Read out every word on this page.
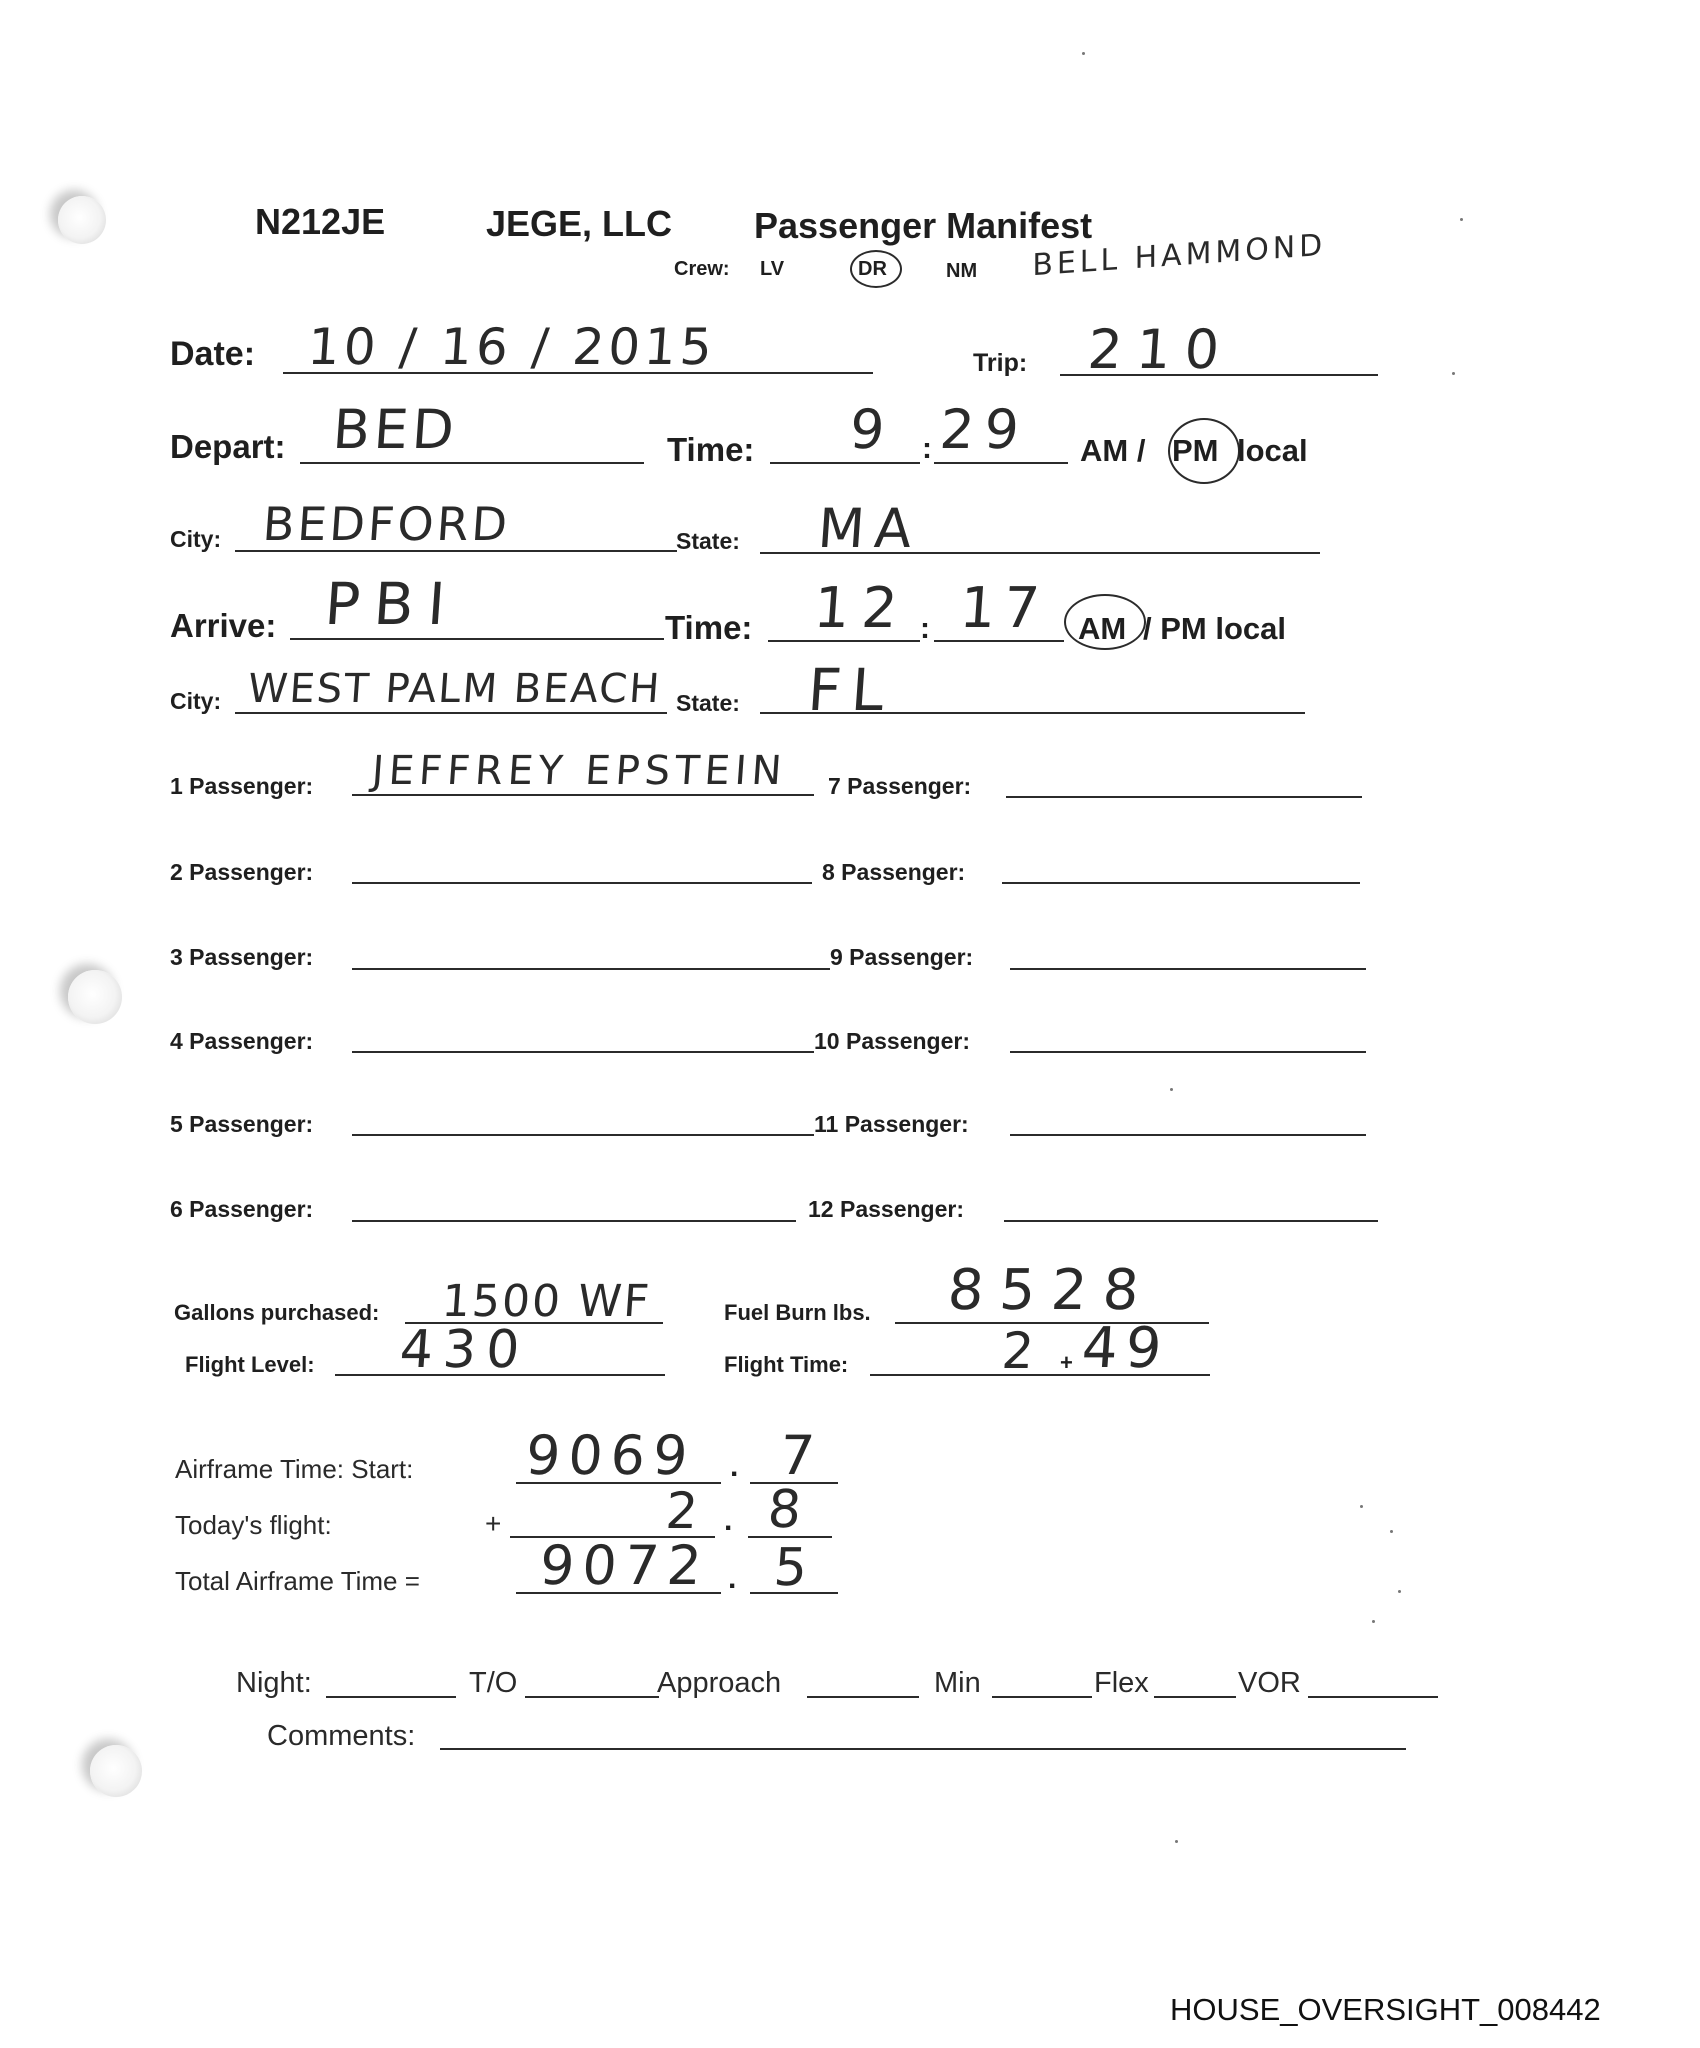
N212JE	JEGE, LLC Passenger Manifest
Crew: LV	DR	NM BELL HAMMOND
Date: 10 / 16 / 2015	Trip: 210
Depart: BED	Time: 9 : 29 AM / PM local
City: BEDFORD	State: MA
Arrive: PBI	Time: 12 : 17 AM / PM local
City: WEST PALM BEACH State: FL
1 Passenger: JEFFREY EPSTEIN
2 Passenger:
3 Passenger:
4 Passenger:
5 Passenger:
6 Passenger:
7 Passenger:
8 Passenger:
9 Passenger:
10 Passenger:
11 Passenger:
12 Passenger:
Gallons purchased: 1500 WF	Fuel Burn lbs. 8528
Flight Level: 430	Flight Time:	2 + 49
Airframe Time: Start: 9069 . 7
Today's flight:	+	2 . 8
Total Airframe Time = 9072 . 5
Night:	T/O	Approach	Min	Flex	VOR
Comments:
HOUSE_OVERSIGHT_008442
